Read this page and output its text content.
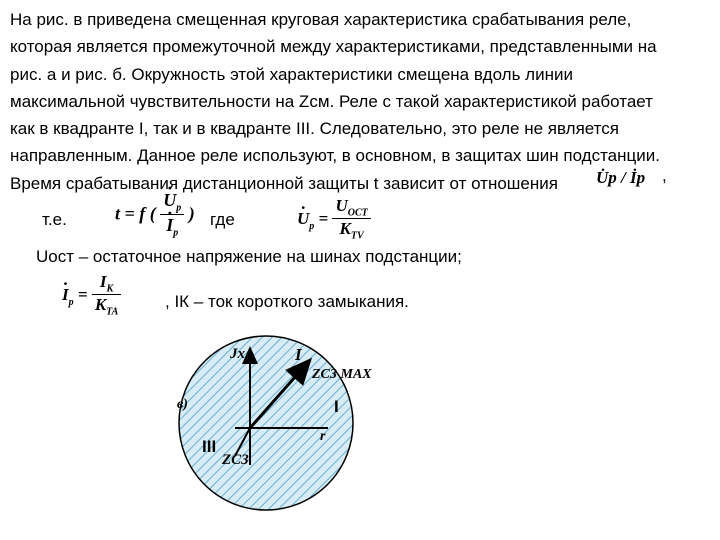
На рис. в приведена смещенная круговая характеристика срабатывания реле,
которая является промежуточной между характеристиками, представленными на
рис. а и рис. б. Окружность этой характеристики смещена вдоль линии
максимальной чувствительности на Zсм. Реле с такой характеристикой работает
как в квадранте I, так и в квадранте III. Следовательно, это реле не является
направленным. Данное реле используют, в основном, в защитах шин подстанции.
Время срабатывания дистанционной защиты t зависит от отношения	U̇p / İp ,
т.е.	t = f ( · $U_p$
· $I_p$ ) где	· $U_p = \frac{U_{ОСТ}}{K_{TV}}$
Uост – остаточное напряжение на шинах подстанции;
· $I_p = \frac{I_К}{K_{ТА}}$	, IК – ток короткого замыкания.
Jx	I
ZСЗ MAX
в)	I
III
ZСЗ
r
